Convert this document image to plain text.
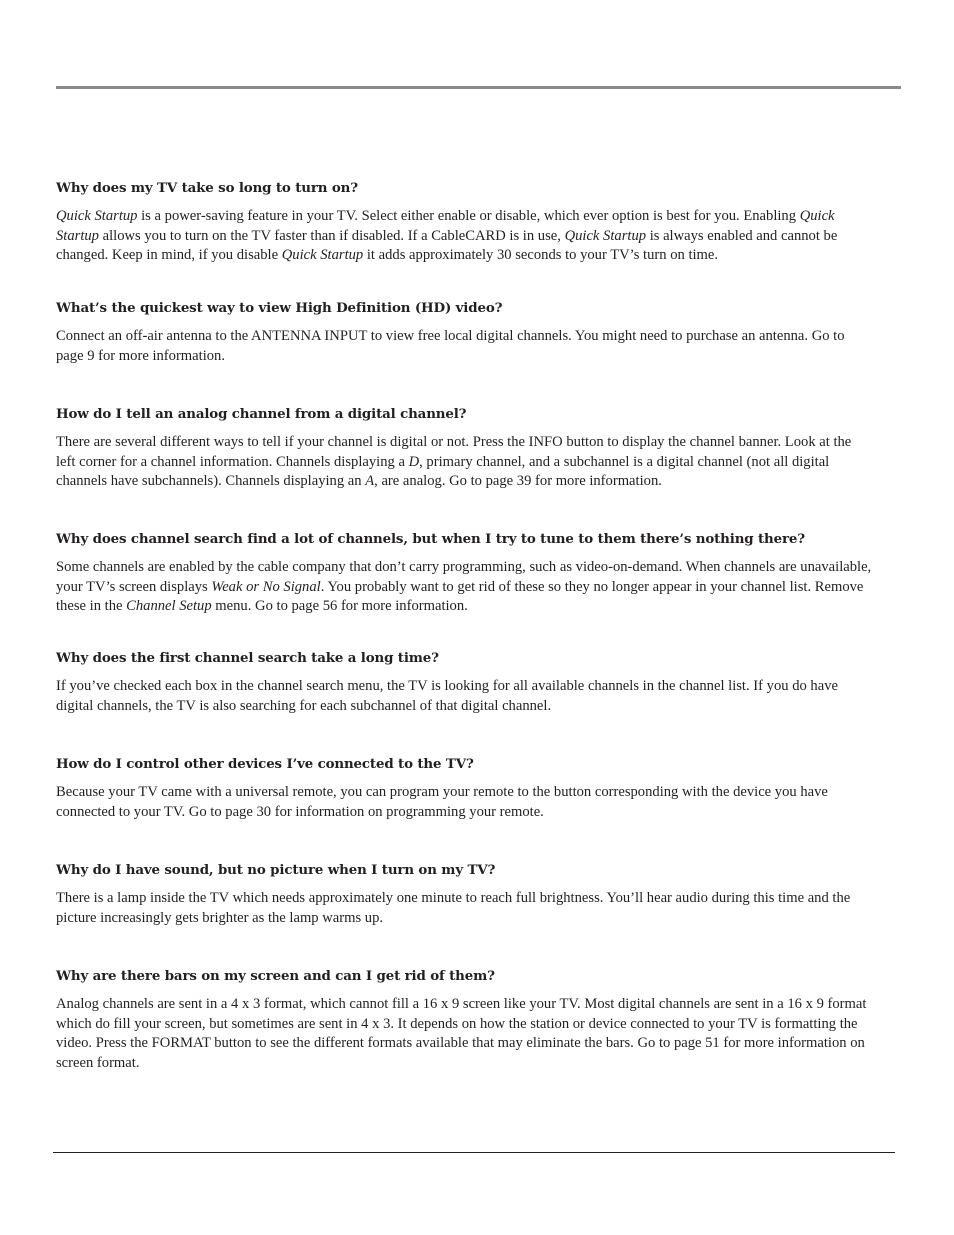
Why does my TV take so long to turn on?

Quick Startup is a power-saving feature in your TV. Select either enable or disable, which ever option is best for you. Enabling Quick Startup allows you to turn on the TV faster than if disabled. If a CableCARD is in use, Quick Startup is always enabled and cannot be changed. Keep in mind, if you disable Quick Startup it adds approximately 30 seconds to your TV’s turn on time.

What’s the quickest way to view High Definition (HD) video?

Connect an off-air antenna to the ANTENNA INPUT to view free local digital channels. You might need to purchase an antenna. Go to page 9 for more information.

How do I tell an analog channel from a digital channel?

There are several different ways to tell if your channel is digital or not. Press the INFO button to display the channel banner. Look at the left corner for a channel information. Channels displaying a D, primary channel, and a subchannel is a digital channel (not all digital channels have subchannels). Channels displaying an A, are analog. Go to page 39 for more information.

Why does channel search find a lot of channels, but when I try to tune to them there’s nothing there?

Some channels are enabled by the cable company that don’t carry programming, such as video-on-demand. When channels are unavailable, your TV’s screen displays Weak or No Signal. You probably want to get rid of these so they no longer appear in your channel list. Remove these in the Channel Setup menu. Go to page 56 for more information.

Why does the first channel search take a long time?

If you’ve checked each box in the channel search menu, the TV is looking for all available channels in the channel list. If you do have digital channels, the TV is also searching for each subchannel of that digital channel.

How do I control other devices I’ve connected to the TV?

Because your TV came with a universal remote, you can program your remote to the button corresponding with the device you have connected to your TV. Go to page 30 for information on programming your remote.

Why do I have sound, but no picture when I turn on my TV?

There is a lamp inside the TV which needs approximately one minute to reach full brightness. You’ll hear audio during this time and the picture increasingly gets brighter as the lamp warms up.

Why are there bars on my screen and can I get rid of them?

Analog channels are sent in a 4 x 3 format, which cannot fill a 16 x 9 screen like your TV. Most digital channels are sent in a 16 x 9 format which do fill your screen, but sometimes are sent in 4 x 3. It depends on how the station or device connected to your TV is formatting the video. Press the FORMAT button to see the different formats available that may eliminate the bars. Go to page 51 for more information on screen format.
